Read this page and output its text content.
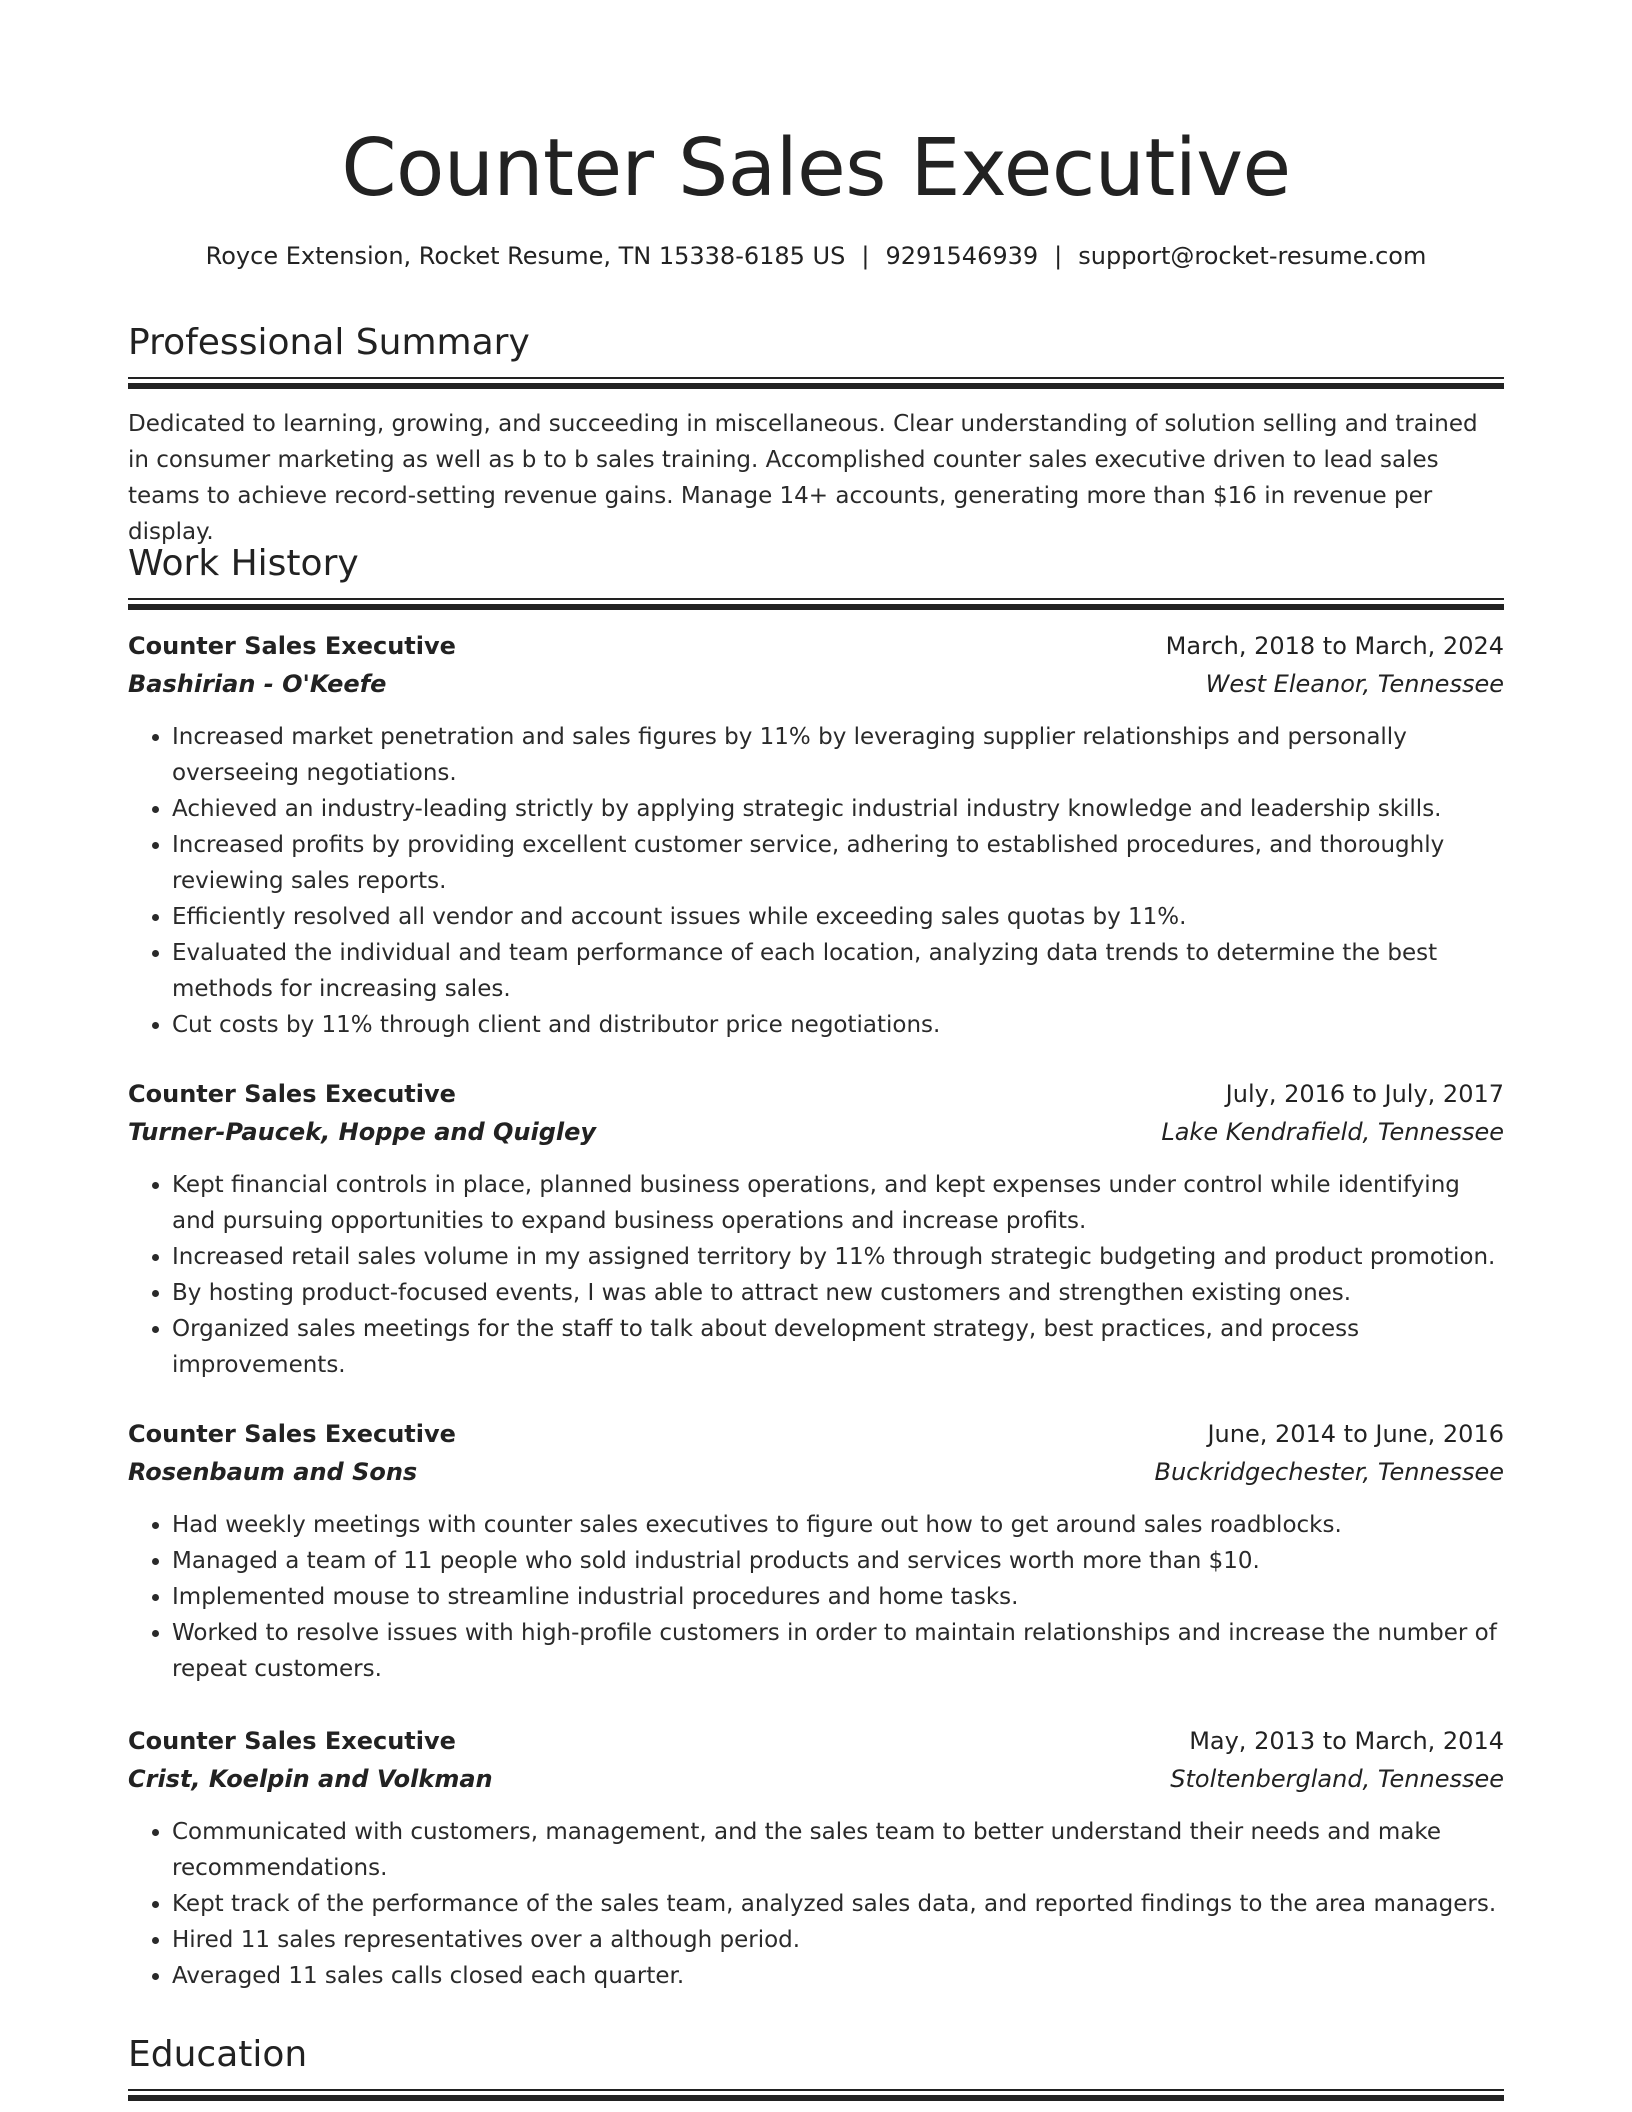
Counter Sales Executive
Royce Extension, Rocket Resume, TN 15338-6185 US | 9291546939 | support@rocket-resume.com
Professional Summary

Dedicated to learning, growing, and succeeding in miscellaneous. Clear understanding of solution selling and trained in consumer marketing as well as b to b sales training. Accomplished counter sales executive driven to lead sales teams to achieve record-setting revenue gains. Manage 14+ accounts, generating more than $16 in revenue per display.

Work History
Counter Sales Executive	March, 2018 to March, 2024
Bashirian - O'Keefe	West Eleanor, Tennessee
• Increased market penetration and sales figures by 11% by leveraging supplier relationships and personally overseeing negotiations.
• Achieved an industry-leading strictly by applying strategic industrial industry knowledge and leadership skills.
• Increased profits by providing excellent customer service, adhering to established procedures, and thoroughly reviewing sales reports.
• Efficiently resolved all vendor and account issues while exceeding sales quotas by 11%.
• Evaluated the individual and team performance of each location, analyzing data trends to determine the best methods for increasing sales.
• Cut costs by 11% through client and distributor price negotiations.
Counter Sales Executive	July, 2016 to July, 2017
Turner-Paucek, Hoppe and Quigley	Lake Kendrafield, Tennessee
• Kept financial controls in place, planned business operations, and kept expenses under control while identifying and pursuing opportunities to expand business operations and increase profits.
• Increased retail sales volume in my assigned territory by 11% through strategic budgeting and product promotion.
• By hosting product-focused events, I was able to attract new customers and strengthen existing ones.
• Organized sales meetings for the staff to talk about development strategy, best practices, and process improvements.
Counter Sales Executive	June, 2014 to June, 2016
Rosenbaum and Sons	Buckridgechester, Tennessee
• Had weekly meetings with counter sales executives to figure out how to get around sales roadblocks.
• Managed a team of 11 people who sold industrial products and services worth more than $10.
• Implemented mouse to streamline industrial procedures and home tasks.
• Worked to resolve issues with high-profile customers in order to maintain relationships and increase the number of repeat customers.
Counter Sales Executive	May, 2013 to March, 2014
Crist, Koelpin and Volkman	Stoltenbergland, Tennessee
• Communicated with customers, management, and the sales team to better understand their needs and make recommendations.
• Kept track of the performance of the sales team, analyzed sales data, and reported findings to the area managers.
• Hired 11 sales representatives over a although period.
• Averaged 11 sales calls closed each quarter.
Education
